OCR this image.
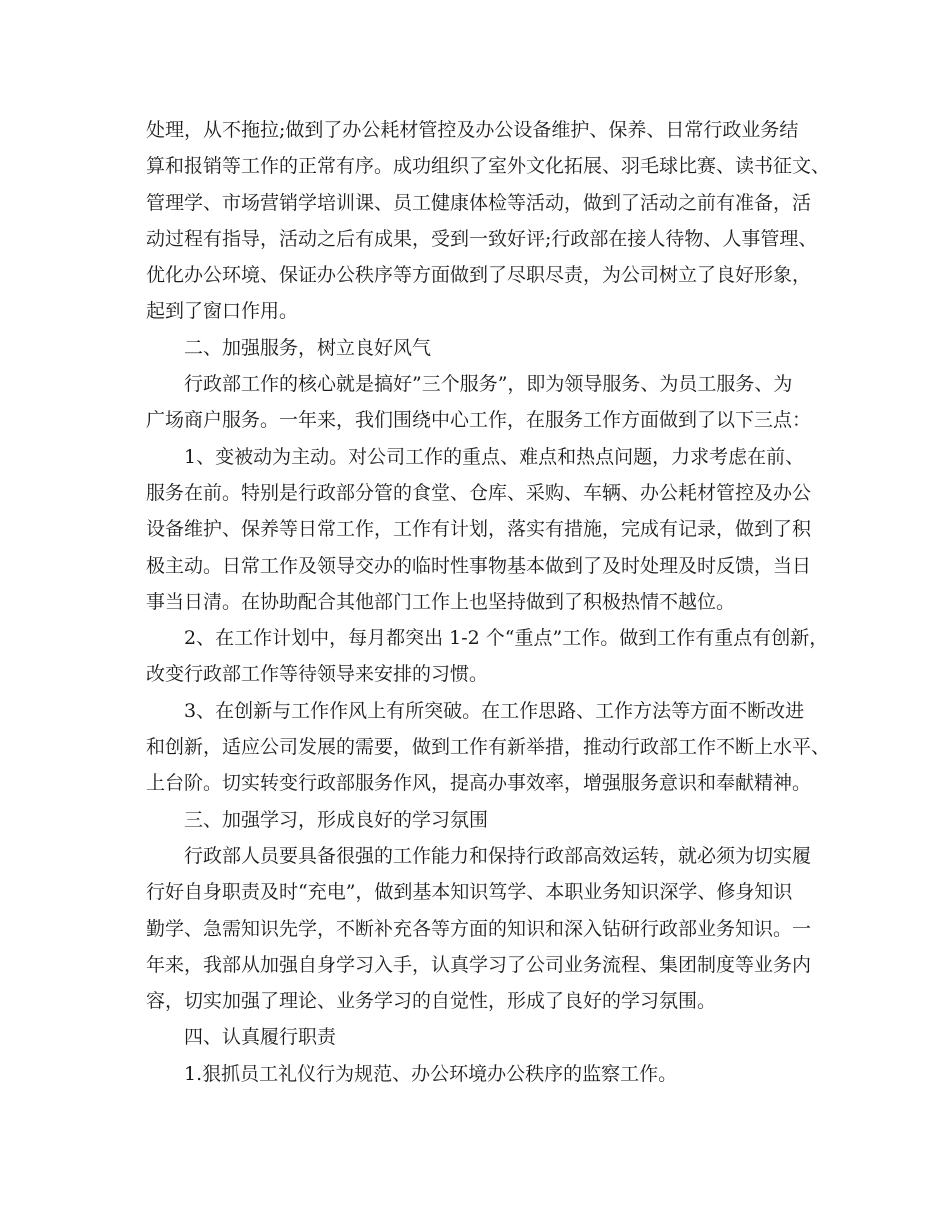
处理，从不拖拉;做到了办公耗材管控及办公设备维护、保养、日常行政业务结
算和报销等工作的正常有序。成功组织了室外文化拓展、羽毛球比赛、读书征文、
管理学、市场营销学培训课、员工健康体检等活动，做到了活动之前有准备，活
动过程有指导，活动之后有成果，受到一致好评;行政部在接人待物、人事管理、
优化办公环境、保证办公秩序等方面做到了尽职尽责，为公司树立了良好形象，
起到了窗口作用。
二、加强服务，树立良好风气
行政部工作的核心就是搞好”三个服务”，即为领导服务、为员工服务、为
广场商户服务。一年来，我们围绕中心工作，在服务工作方面做到了以下三点：
1、变被动为主动。对公司工作的重点、难点和热点问题，力求考虑在前、
服务在前。特别是行政部分管的食堂、仓库、采购、车辆、办公耗材管控及办公
设备维护、保养等日常工作，工作有计划，落实有措施，完成有记录，做到了积
极主动。日常工作及领导交办的临时性事物基本做到了及时处理及时反馈，当日
事当日清。在协助配合其他部门工作上也坚持做到了积极热情不越位。
2、在工作计划中，每月都突出 1-2 个“重点”工作。做到工作有重点有创新，
改变行政部工作等待领导来安排的习惯。
3、在创新与工作作风上有所突破。在工作思路、工作方法等方面不断改进
和创新，适应公司发展的需要，做到工作有新举措，推动行政部工作不断上水平、
上台阶。切实转变行政部服务作风，提高办事效率，增强服务意识和奉献精神。
三、加强学习，形成良好的学习氛围
行政部人员要具备很强的工作能力和保持行政部高效运转，就必须为切实履
行好自身职责及时“充电”，做到基本知识笃学、本职业务知识深学、修身知识
勤学、急需知识先学，不断补充各等方面的知识和深入钻研行政部业务知识。一
年来，我部从加强自身学习入手，认真学习了公司业务流程、集团制度等业务内
容，切实加强了理论、业务学习的自觉性，形成了良好的学习氛围。
四、认真履行职责
1.狠抓员工礼仪行为规范、办公环境办公秩序的监察工作。
